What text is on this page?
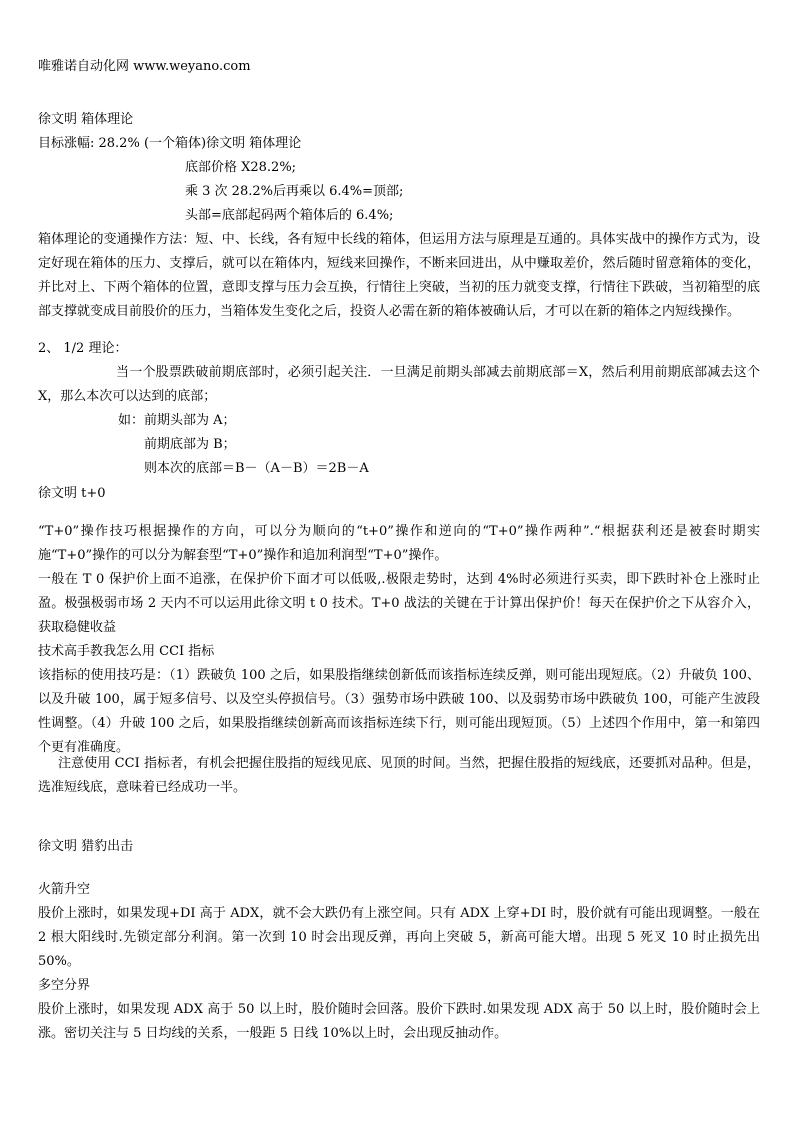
唯雅诺自动化网 www.weyano.com
徐文明 箱体理论
目标涨幅: 28.2% (一个箱体)徐文明 箱体理论
底部价格 X28.2%;
乘 3 次 28.2%后再乘以 6.4%=顶部;
头部=底部起码两个箱体后的 6.4%;
箱体理论的变通操作方法：短、中、长线，各有短中长线的箱体，但运用方法与原理是互通的。具体实战中的操作方式为，设定好现在箱体的压力、支撑后，就可以在箱体内，短线来回操作，不断来回进出，从中赚取差价，然后随时留意箱体的变化，并比对上、下两个箱体的位置，意即支撑与压力会互换，行情往上突破，当初的压力就变支撑，行情往下跌破，当初箱型的底部支撑就变成目前股价的压力，当箱体发生变化之后，投资人必需在新的箱体被确认后，才可以在新的箱体之内短线操作。
2、 1/2 理论：
当一个股票跌破前期底部时，必须引起关注．一旦满足前期头部减去前期底部＝X，然后利用前期底部减去这个 X，那么本次可以达到的底部；
如：前期头部为 A；
前期底部为 B；
则本次的底部＝B－（A－B）＝2B－A
徐文明 t+0
“T+0”操作技巧根据操作的方向，可以分为顺向的“t+0”操作和逆向的“T+0”操作两种”.“根据获利还是被套时期实施“T+0”操作的可以分为解套型“T+0”操作和追加利润型“T+0”操作。
一般在 T 0 保护价上面不追涨，在保护价下面才可以低吸,.极限走势时，达到 4%时必须进行买卖，即下跌时补仓上涨时止盈。极强极弱市场 2 天内不可以运用此徐文明 t 0 技术。T+0 战法的关键在于计算出保护价！每天在保护价之下从容介入，获取稳健收益
技术高手教我怎么用 CCI 指标
该指标的使用技巧是：（1）跌破负 100 之后，如果股指继续创新低而该指标连续反弹，则可能出现短底。（2）升破负 100、以及升破 100，属于短多信号、以及空头停损信号。（3）强势市场中跌破 100、以及弱势市场中跌破负 100，可能产生波段性调整。（4）升破 100 之后，如果股指继续创新高而该指标连续下行，则可能出现短顶。（5）上述四个作用中，第一和第四个更有准确度。
注意使用 CCI 指标者，有机会把握住股指的短线见底、见顶的时间。当然，把握住股指的短线底，还要抓对品种。但是，选准短线底，意味着已经成功一半。
徐文明 猎豹出击
火箭升空
股价上涨时，如果发现+DI 高于 ADX，就不会大跌仍有上涨空间。只有 ADX 上穿+DI 时，股价就有可能出现调整。一般在 2 根大阳线时.先锁定部分利润。第一次到 10 时会出现反弹，再向上突破 5，新高可能大增。出现 5 死叉 10 时止损先出 50%。
多空分界
股价上涨时，如果发现 ADX 高于 50 以上时，股价随时会回落。股价下跌时.如果发现 ADX 高于 50 以上时，股价随时会上涨。密切关注与 5 日均线的关系，一般距 5 日线 10%以上时，会出现反抽动作。
